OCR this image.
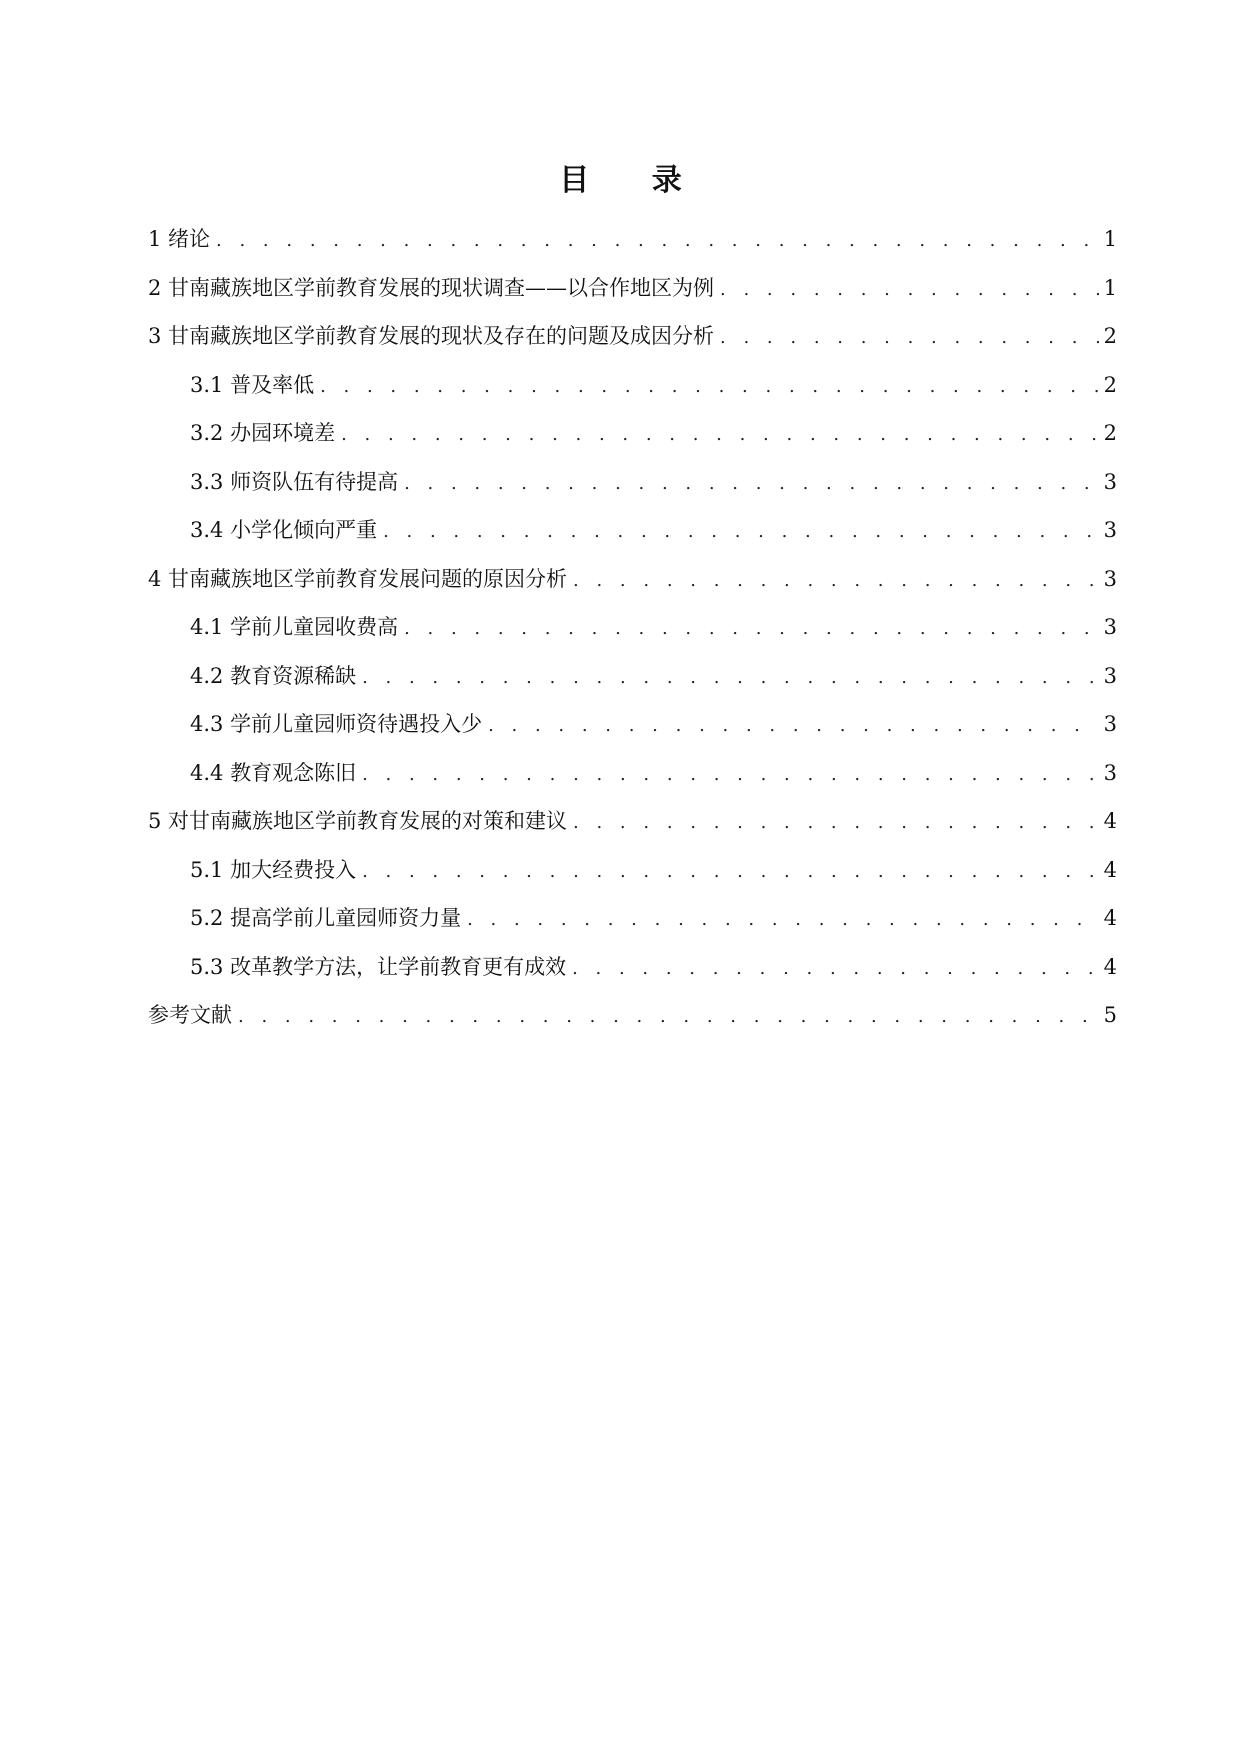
目 录
1 绪论 . . .	1
2 甘南藏族地区学前教育发展的现状调查——以合作地区为例 . . .	1
3 甘南藏族地区学前教育发展的现状及存在的问题及成因分析 . . .	2
3.1 普及率低 . . .	2
3.2 办园环境差 . . .	2
3.3 师资队伍有待提高 . . .	3
3.4 小学化倾向严重 . . .	3
4 甘南藏族地区学前教育发展问题的原因分析 . . .	3
4.1 学前儿童园收费高 . . .	3
4.2 教育资源稀缺 . . .	3
4.3 学前儿童园师资待遇投入少 . . .	3
4.4 教育观念陈旧 . . .	3
5 对甘南藏族地区学前教育发展的对策和建议 . . .	4
5.1 加大经费投入 . . .	4
5.2 提高学前儿童园师资力量 . . .	4
5.3 改革教学方法，让学前教育更有成效 . . .	4
参考文献 . . .	5
